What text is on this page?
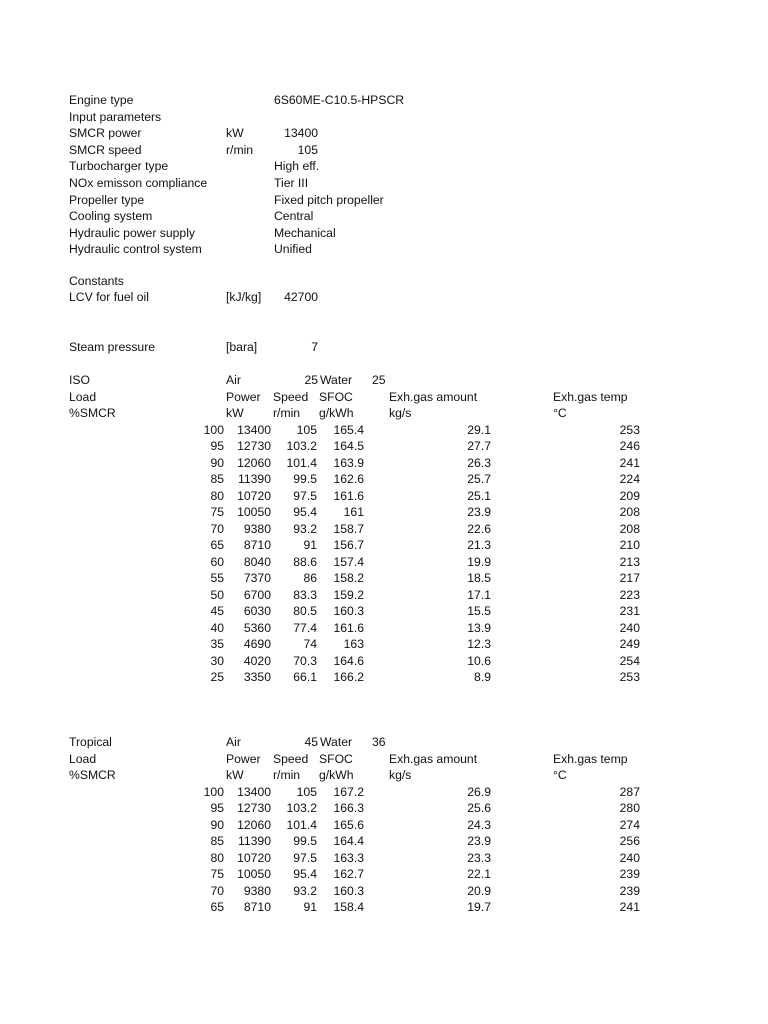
Engine type	6S60ME-C10.5-HPSCR
Input parameters
SMCR power	kW	13400
SMCR speed	r/min	105
Turbocharger type	High eff.
NOx emisson compliance	Tier III
Propeller type	Fixed pitch propeller
Cooling system	Central
Hydraulic power supply	Mechanical
Hydraulic control system	Unified
Constants
LCV for fuel oil	[kJ/kg]	42700
Steam pressure	[bara]	7
ISO	Air	25 Water 25
Load	Power Speed SFOC	Exh.gas amount	Exh.gas temp
%SMCR	kW r/min g/kWh	kg/s	°C
100	13400	105	165.4	29.1	253
95	12730	103.2	164.5	27.7	246
90	12060	101.4	163.9	26.3	241
85	11390	99.5	162.6	25.7	224
80	10720	97.5	161.6	25.1	209
75	10050	95.4	161	23.9	208
70	9380	93.2	158.7	22.6	208
65	8710	91	156.7	21.3	210
60	8040	88.6	157.4	19.9	213
55	7370	86	158.2	18.5	217
50	6700	83.3	159.2	17.1	223
45	6030	80.5	160.3	15.5	231
40	5360	77.4	161.6	13.9	240
35	4690	74	163	12.3	249
30	4020	70.3	164.6	10.6	254
25	3350	66.1	166.2	8.9	253
Tropical	Air	45 Water 36
Load	Power Speed SFOC	Exh.gas amount	Exh.gas temp
%SMCR	kW r/min g/kWh	kg/s	°C
100	13400	105	167.2	26.9	287
95	12730	103.2	166.3	25.6	280
90	12060	101.4	165.6	24.3	274
85	11390	99.5	164.4	23.9	256
80	10720	97.5	163.3	23.3	240
75	10050	95.4	162.7	22.1	239
70	9380	93.2	160.3	20.9	239
65	8710	91	158.4	19.7	241
